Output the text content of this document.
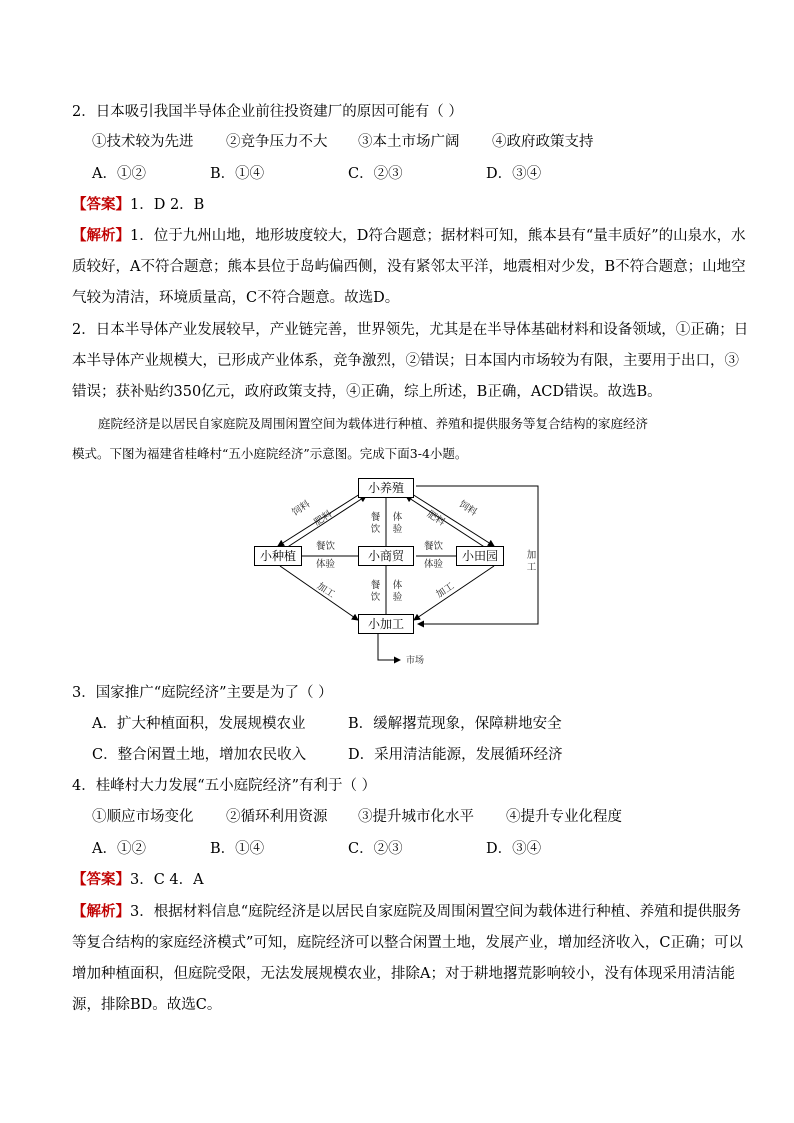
2．日本吸引我国半导体企业前往投资建厂的原因可能有（ ）
①技术较为先进 ②竞争压力不大 ③本土市场广阔 ④政府政策支持
A．①②	B．①④	C．②③	D．③④
【答案】1．D 2．B
【解析】1．位于九州山地，地形坡度较大，D符合题意；据材料可知，熊本县有“量丰质好”的山泉水，水
质较好，A不符合题意；熊本县位于岛屿偏西侧，没有紧邻太平洋，地震相对少发，B不符合题意；山地空
气较为清洁，环境质量高，C不符合题意。故选D。
2．日本半导体产业发展较早，产业链完善，世界领先，尤其是在半导体基础材料和设备领域，①正确；日
本半导体产业规模大，已形成产业体系，竞争激烈，②错误；日本国内市场较为有限，主要用于出口，③
错误；获补贴约350亿元，政府政策支持，④正确，综上所述，B正确，ACD错误。故选B。
庭院经济是以居民自家庭院及周围闲置空间为载体进行种植、养殖和提供服务等复合结构的家庭经济
模式。下图为福建省桂峰村“五小庭院经济”示意图。完成下面3-4小题。
小养殖
小种植	小商贸	小田园
小加工
饲料
肥料
饲料
肥料
餐饮
体验
餐饮
体验
餐饮
体验
餐饮
体验
加工	加工
加工
市场
3．国家推广“庭院经济”主要是为了（ ）
A．扩大种植面积，发展规模农业	B．缓解撂荒现象，保障耕地安全
C．整合闲置土地，增加农民收入	D．采用清洁能源，发展循环经济
4．桂峰村大力发展“五小庭院经济”有利于（ ）
①顺应市场变化 ②循环利用资源 ③提升城市化水平 ④提升专业化程度
A．①②	B．①④	C．②③	D．③④
【答案】3．C 4．A
【解析】3．根据材料信息“庭院经济是以居民自家庭院及周围闲置空间为载体进行种植、养殖和提供服务
等复合结构的家庭经济模式”可知，庭院经济可以整合闲置土地，发展产业，增加经济收入，C正确；可以
增加种植面积，但庭院受限，无法发展规模农业，排除A；对于耕地撂荒影响较小，没有体现采用清洁能
源，排除BD。故选C。
